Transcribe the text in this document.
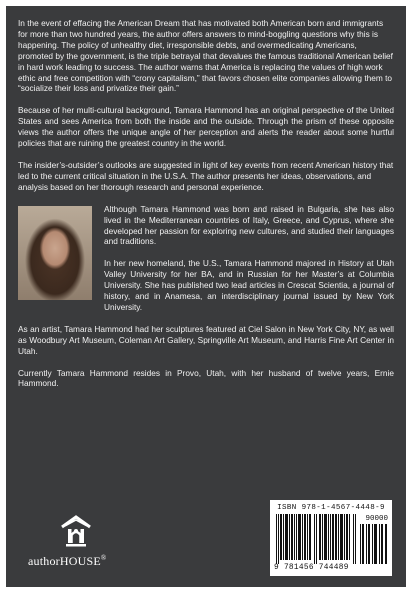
In the event of effacing the American Dream that has motivated both American born and immigrants for more than two hundred years, the author offers answers to mind-boggling questions why this is happening. The policy of unhealthy diet, irresponsible debts, and overmedicating Americans, promoted by the government, is the triple betrayal that devalues the famous traditional American belief in hard work leading to success. The author warns that America is replacing the values of high work ethic and free competition with “crony capitalism,” that favors chosen elite companies allowing them to “socialize their loss and privatize their gain.”

Because of her multi-cultural background, Tamara Hammond has an original perspective of the United States and sees America from both the inside and the outside. Through the prism of these opposite views the author offers the unique angle of her perception and alerts the reader about some hurtful policies that are ruining the greatest country in the world.

The insider’s-outsider’s outlooks are suggested in light of key events from recent American history that led to the current critical situation in the U.S.A. The author presents her ideas, observations, and analysis based on her thorough research and personal experience.

Although Tamara Hammond was born and raised in Bulgaria, she has also lived in the Mediterranean countries of Italy, Greece, and Cyprus, where she developed her passion for exploring new cultures, and studied their languages and traditions.

In her new homeland, the U.S., Tamara Hammond majored in History at Utah Valley University for her BA, and in Russian for her Master’s at Columbia University. She has published two lead articles in Crescat Scientia, a journal of history, and in Anamesa, an interdisciplinary journal issued by New York University.

As an artist, Tamara Hammond had her sculptures featured at Ciel Salon in New York City, NY, as well as Woodbury Art Museum, Coleman Art Gallery, Springville Art Museum, and Harris Fine Art Center in Utah.

Currently Tamara Hammond resides in Provo, Utah, with her husband of twelve years, Ernie Hammond.

authorHOUSE®
ISBN 978-1-4567-4448-9
90000
9 781456 744489
